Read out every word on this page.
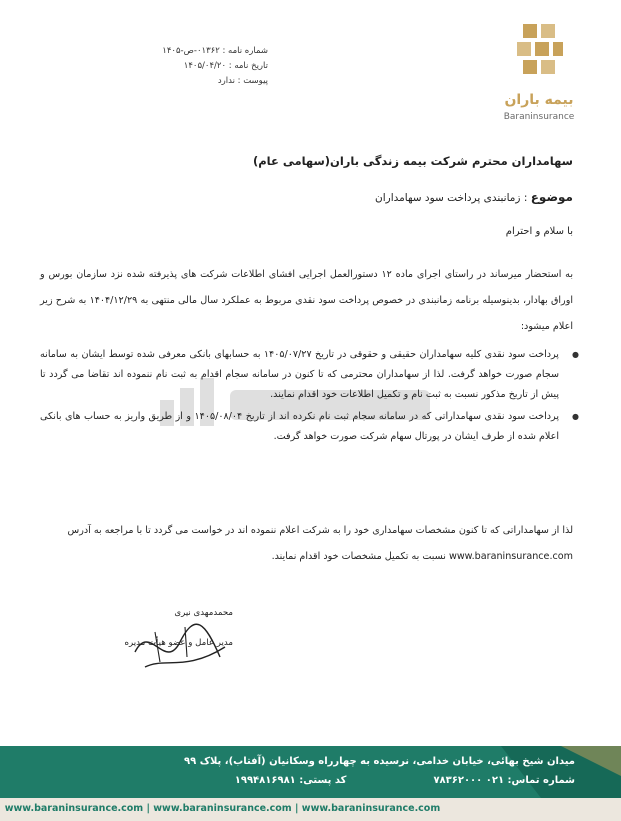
شماره نامه : ۰۱۳۶۲-ص-۱۴۰۵
تاریخ نامه : ۱۴۰۵/۰۴/۲۰
پیوست : ندارد
بیمه باران
Baraninsurance
سهامداران محترم شرکت بیمه زندگی باران(سهامی عام)
موضوع : زمانبندی پرداخت سود سهامداران
با سلام و احترام
به استحضار میرساند در راستای اجرای ماده ۱۲ دستورالعمل اجرایی افشای اطلاعات شرکت های پذیرفته شده نزد سازمان بورس و اوراق بهادار، بدینوسیله برنامه زمانبندی در خصوص پرداخت سود نقدی مربوط به عملکرد سال مالی منتهی به ۱۴۰۴/۱۲/۲۹ به شرح زیر اعلام میشود:
● پرداخت سود نقدی کلیه سهامداران حقیقی و حقوقی در تاریخ ۱۴۰۵/۰۷/۲۷ به حسابهای بانکی معرفی شده توسط ایشان به سامانه سجام صورت خواهد گرفت. لذا از سهامداران محترمی که تا کنون در سامانه سجام اقدام به ثبت نام ننموده اند تقاضا می گردد تا پیش از تاریخ مذکور نسبت به ثبت نام و تکمیل اطلاعات خود اقدام نمایند.
● پرداخت سود نقدی سهامداراتی که در سامانه سجام ثبت نام نکرده اند از تاریخ ۱۴۰۵/۰۸/۰۴ و از طریق واریز به حساب های بانکی اعلام شده از طرف ایشان در پورتال سهام شرکت صورت خواهد گرفت.
لذا از سهامداراتی که تا کنون مشخصات سهامداری خود را به شرکت اعلام ننموده اند در خواست می گردد تا با مراجعه به آدرس www.baraninsurance.com نسبت به تکمیل مشخصات خود اقدام نمایند.
محمدمهدی نیری
مدیر عامل و عضو هیأت مدیره
میدان شیخ بهائی، خیابان خدامی، نرسیده به چهارراه وسکانیان (آفتاب)، پلاک ۹۹
شماره تماس: ۰۲۱ ۷۸۳۶۲۰۰۰  کد پستی: ۱۹۹۴۸۱۶۹۸۱
www.baraninsurance.com | www.baraninsurance.com | www.baraninsurance.com
